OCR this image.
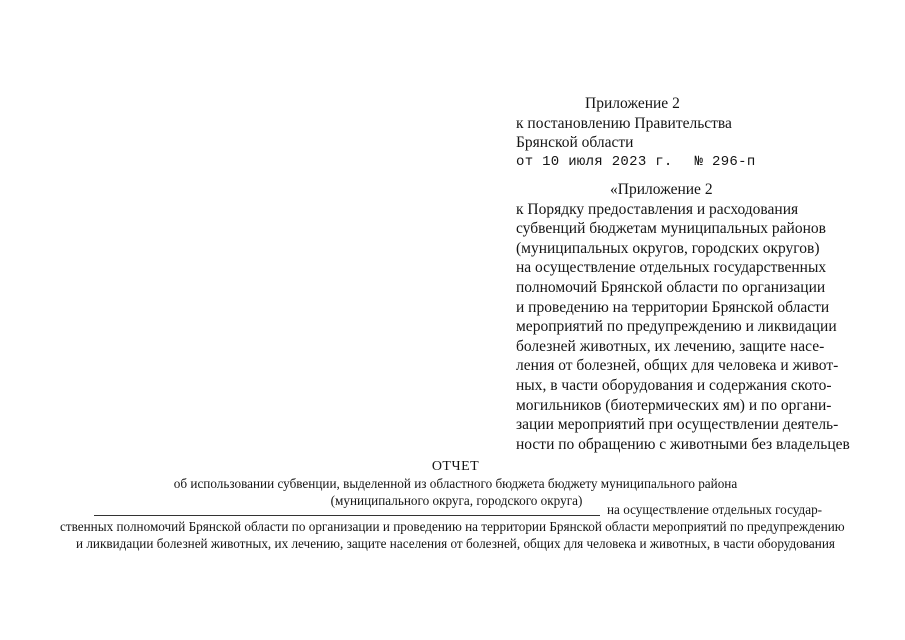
Приложение 2
к постановлению Правительства
Брянской области
от 10 июля 2023 г. № 296-п
«Приложение 2
к Порядку предоставления и расходования
субвенций бюджетам муниципальных районов
(муниципальных округов, городских округов)
на осуществление отдельных государственных
полномочий Брянской области по организации
и проведению на территории Брянской области
мероприятий по предупреждению и ликвидации
болезней животных, их лечению, защите насе-
ления от болезней, общих для человека и живот-
ных, в части оборудования и содержания ското-
могильников (биотермических ям) и по органи-
зации мероприятий при осуществлении деятель-
ности по обращению с животными без владельцев
ОТЧЕТ
об использовании субвенции, выделенной из областного бюджета бюджету муниципального района
(муниципального округа, городского округа)
на осуществление отдельных государ-
ственных полномочий Брянской области по организации и проведению на территории Брянской области мероприятий по предупреждению
и ликвидации болезней животных, их лечению, защите населения от болезней, общих для человека и животных, в части оборудования
